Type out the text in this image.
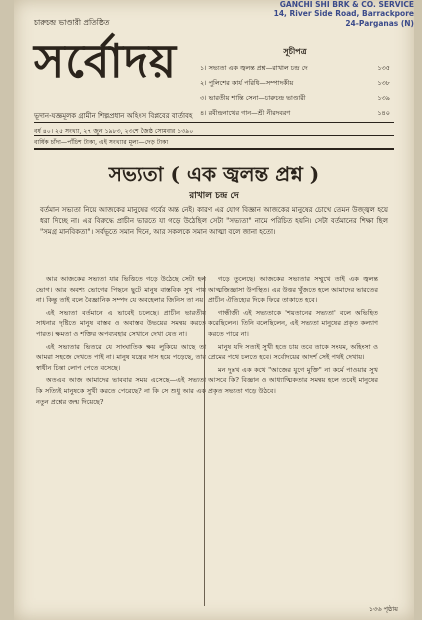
GANCHI SHI BRK & CO. SERVICE
14, River Side Road, Barrackpore
24-Parganas (N)
চারুচন্দ্র ভাণ্ডারী প্রতিষ্ঠিত
সর্বোদয়
ভূদান-যজ্ঞমূলক গ্রামীন শিল্পপ্রধান অহিংস বিপ্লবের বার্তাবহ
সূচীপত্র
১। সভ্যতা এক জ্বলন্ত প্রশ্ন—রাখাল চন্দ্র দে	১৩৫
২। পুলিশের কার্য পরিধি—সম্পাদকীয়	১৩৮
৩। ভারতীয় শান্তি সেনা—চারুচন্দ্র ভাণ্ডারী	১৩৯
৪। রবীন্দ্রনাথের গান—শ্রী নীরদবরণ	১৪০
বর্ষ ৪০। ২৫ সংখ্যা, ২৭ জুন ১৯৮৩, ২৩শে জৈষ্ঠ সোমবার ১৩৯০
বার্ষিক চাঁদা—পাঁচিশ টাকা, এই সংখ্যার মূল্য—দেড় টাকা
সভ্যতা ( এক জ্বলন্ত প্রশ্ন )
রাখাল চন্দ্র দে
বর্তমান সভ্যতা নিয়ে আজকের মানুষের গর্বের অন্ত নেই। কারণ এর যোগ বিজ্ঞান আজকের মানুষের চোখে তেমন উজ্জ্বল হয়ে ধরা দিচ্ছে না। এর বিরুদ্ধে প্রাচীন ভারতে যা গড়ে উঠেছিল সেটা "সভ্যতা" নামে পরিচিত হয়নি। সেটা বর্তমানের শিক্ষা ছিল "সমগ্র মানবিকতা"। সর্বভূতে সমান দিনে, আর সকলকে সমান আত্মা বলে জানা হতো।

আর আজকের সভ্যতা যার ভিত্তিতে গড়ে উঠেছে সেটা হল ভোগ। আর অবশ্য ভোগের পিছনে ছুটে মানুষ বাস্তবিক সুখ পায় না। কিন্তু তাই বলে বৈজ্ঞানিক সম্পদ যে অবহেলার জিনিস তা নয়।

এই সভ্যতা বর্তমানে এ ভাবেই চলেছে। প্রাচীন ভারতীয় সাধনার দৃষ্টিতে মানুষ বাস্তব ও অবাস্তব উভয়ের সমন্বয় করতে পারত। ক্ষমতা ও শক্তির অপব্যবহার সেখানে দেখা যেত না।

এই সভ্যতার ভিতরে যে সাংঘাতিক ক্ষয় লুকিয়ে আছে তা আমরা সহজে দেখতে পাই না। মানুষ যন্ত্রের দাস হয়ে পড়েছে, তার স্বাধীন চিন্তা লোপ পেতে বসেছে।

অতএব আজ আমাদের ভাববার সময় এসেছে—এই সভ্যতা কি সত্যিই মানুষকে সুখী করতে পেরেছে? না কি সে শুধু আর এক নতুন প্রশ্নের জন্ম দিয়েছে?

গড়ে তুলেছে। আজকের সভ্যতার সম্মুখে তাই এক জ্বলন্ত আত্মজিজ্ঞাসা উপস্থিত। এর উত্তর খুঁজতে হলে আমাদের ভারতের প্রাচীন ঐতিহ্যের দিকে ফিরে তাকাতে হবে।

গান্ধীজী এই সভ্যতাকে 'শয়তানের সভ্যতা' বলে অভিহিত করেছিলেন। তিনি বলেছিলেন, এই সভ্যতা মানুষের প্রকৃত কল্যাণ করতে পারে না।

মানুষ যদি সত্যই সুখী হতে চায় তবে তাকে সংযম, অহিংসা ও প্রেমের পথে চলতে হবে। সর্বোদয়ের আদর্শ সেই পথই দেখায়।

মন দুঃখ এক কথে "আজের যুগে মুক্তি" না কর্মে পাওয়ার সুখ আসবে কি? বিজ্ঞান ও আধ্যাত্মিকতার সমন্বয় হলে তবেই মানুষের প্রকৃত সভ্যতা গড়ে উঠবে।

১৩৬ পৃষ্ঠায়
